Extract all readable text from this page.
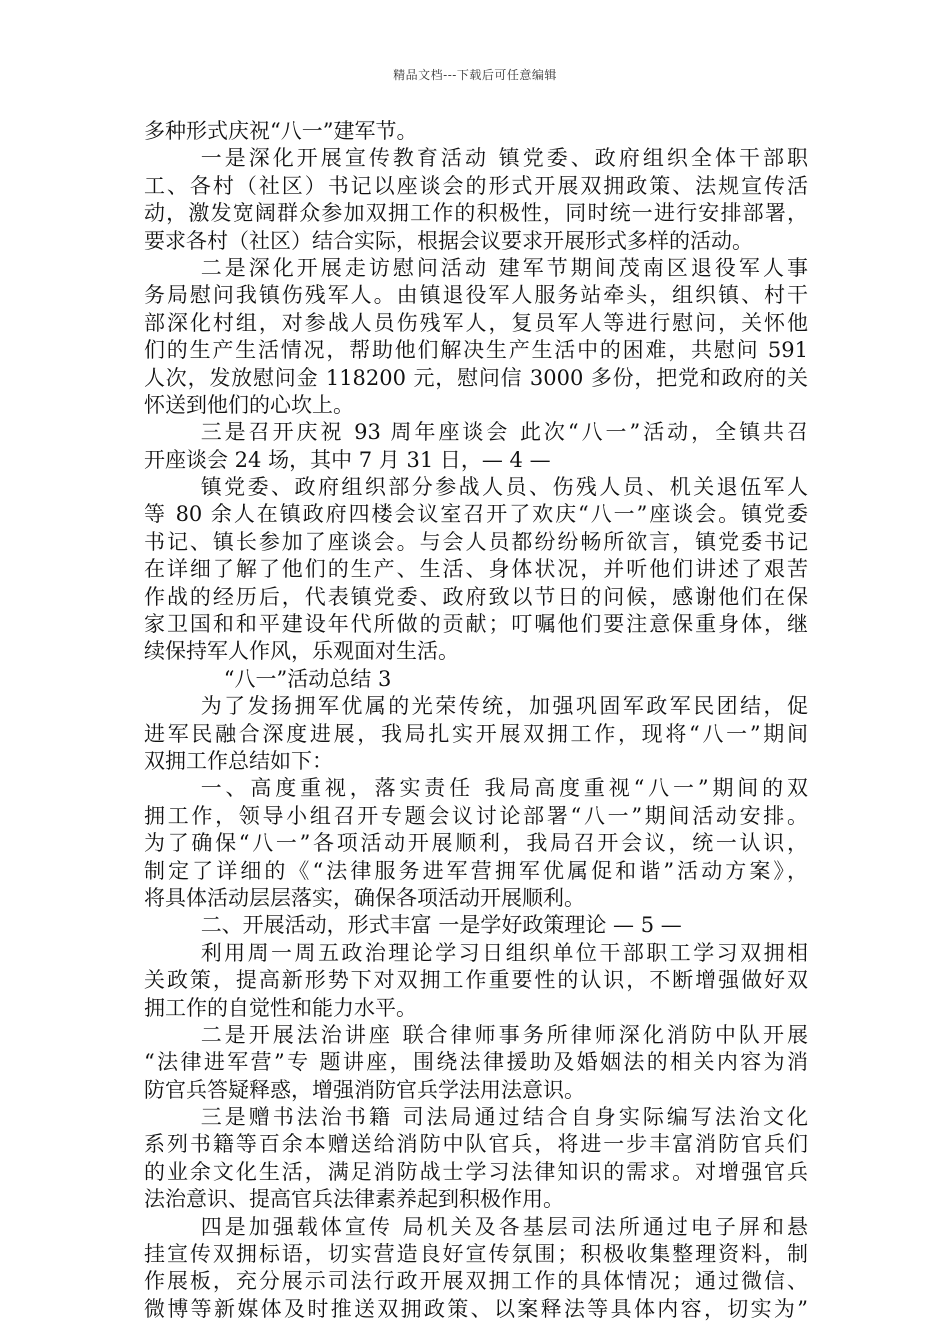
精品文档---下载后可任意编辑
多种形式庆祝“八一”建军节。
一是深化开展宣传教育活动 镇党委、政府组织全体干部职
工、各村（社区）书记以座谈会的形式开展双拥政策、法规宣传活
动，激发宽阔群众参加双拥工作的积极性，同时统一进行安排部署，
要求各村（社区）结合实际，根据会议要求开展形式多样的活动。
二是深化开展走访慰问活动 建军节期间茂南区退役军人事
务局慰问我镇伤残军人。由镇退役军人服务站牵头，组织镇、村干
部深化村组，对参战人员伤残军人，复员军人等进行慰问，关怀他
们的生产生活情况，帮助他们解决生产生活中的困难，共慰问 591
人次，发放慰问金 118200 元，慰问信 3000 多份，把党和政府的关
怀送到他们的心坎上。
三是召开庆祝 93 周年座谈会 此次“八一”活动，全镇共召
开座谈会 24 场，其中 7 月 31 日，— 4 —
镇党委、政府组织部分参战人员、伤残人员、机关退伍军人
等 80 余人在镇政府四楼会议室召开了欢庆“八一”座谈会。镇党委
书记、镇长参加了座谈会。与会人员都纷纷畅所欲言，镇党委书记
在详细了解了他们的生产、生活、身体状况，并听他们讲述了艰苦
作战的经历后，代表镇党委、政府致以节日的问候，感谢他们在保
家卫国和和平建设年代所做的贡献；叮嘱他们要注意保重身体，继
续保持军人作风，乐观面对生活。
“八一”活动总结 3
为了发扬拥军优属的光荣传统，加强巩固军政军民团结，促
进军民融合深度进展，我局扎实开展双拥工作，现将“八一”期间
双拥工作总结如下：
一、高度重视，落实责任 我局高度重视“八一”期间的双
拥工作，领导小组召开专题会议讨论部署“八一”期间活动安排。
为了确保“八一”各项活动开展顺利，我局召开会议，统一认识，
制定了详细的《“法律服务进军营拥军优属促和谐”活动方案》，
将具体活动层层落实，确保各项活动开展顺利。
二、开展活动，形式丰富 一是学好政策理论 — 5 —
利用周一周五政治理论学习日组织单位干部职工学习双拥相
关政策，提高新形势下对双拥工作重要性的认识，不断增强做好双
拥工作的自觉性和能力水平。
二是开展法治讲座 联合律师事务所律师深化消防中队开展
“法律进军营”专 题讲座，围绕法律援助及婚姻法的相关内容为消
防官兵答疑释惑，增强消防官兵学法用法意识。
三是赠书法治书籍 司法局通过结合自身实际编写法治文化
系列书籍等百余本赠送给消防中队官兵，将进一步丰富消防官兵们
的业余文化生活，满足消防战士学习法律知识的需求。对增强官兵
法治意识、提高官兵法律素养起到积极作用。
四是加强载体宣传 局机关及各基层司法所通过电子屏和悬
挂宣传双拥标语，切实营造良好宣传氛围；积极收集整理资料，制
作展板，充分展示司法行政开展双拥工作的具体情况；通过微信、
微博等新媒体及时推送双拥政策、以案释法等具体内容，切实为”
